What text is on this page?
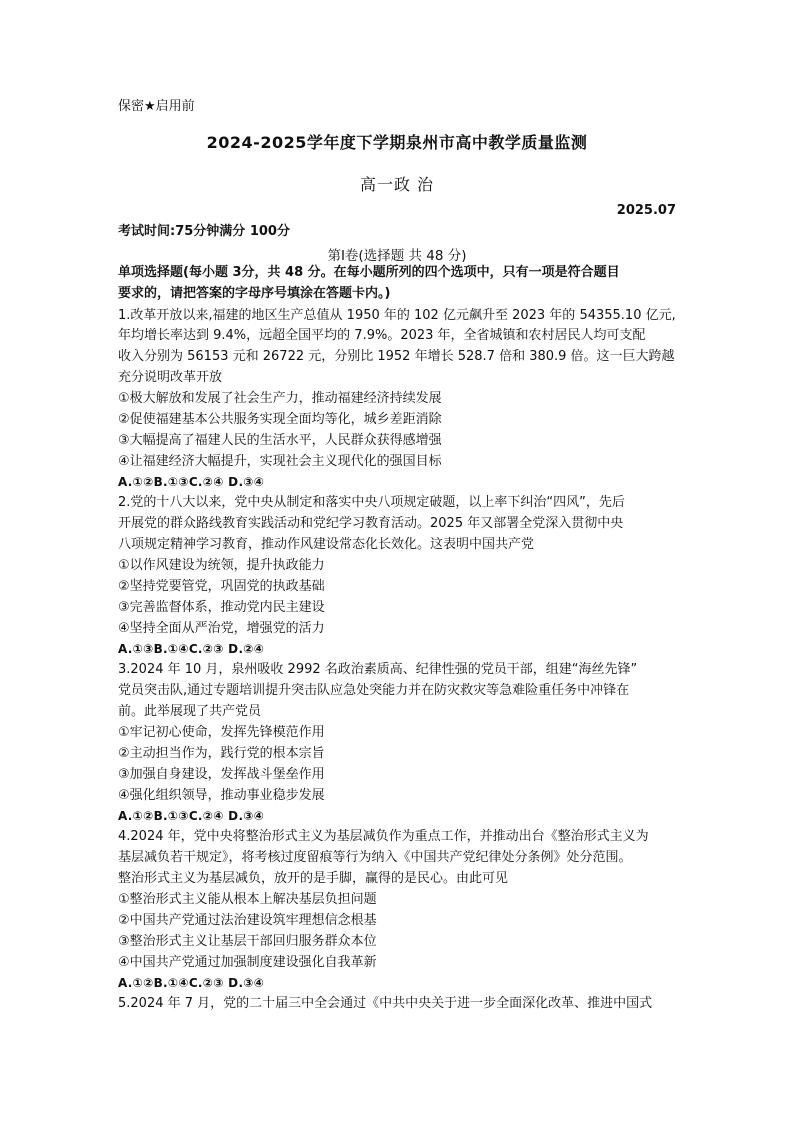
保密★启用前
2024-2025学年度下学期泉州市高中教学质量监测
高一政 治
2025.07
考试时间:75分钟满分 100分
第Ⅰ卷(选择题 共 48 分)
单项选择题(每小题 3分，共 48 分。在每小题所列的四个选项中，只有一项是符合题目
要求的，请把答案的字母序号填涂在答题卡内。)
1.改革开放以来,福建的地区生产总值从 1950 年的 102 亿元飙升至 2023 年的 54355.10 亿元,
年均增长率达到 9.4%，远超全国平均的 7.9%。2023 年，全省城镇和农村居民人均可支配
收入分别为 56153 元和 26722 元，分别比 1952 年增长 528.7 倍和 380.9 倍。这一巨大跨越
充分说明改革开放
①极大解放和发展了社会生产力，推动福建经济持续发展
②促使福建基本公共服务实现全面均等化，城乡差距消除
③大幅提高了福建人民的生活水平，人民群众获得感增强
④让福建经济大幅提升，实现社会主义现代化的强国目标
A.①②B.①③C.②④ D.③④
2.党的十八大以来，党中央从制定和落实中央八项规定破题，以上率下纠治“四风”，先后
开展党的群众路线教育实践活动和党纪学习教育活动。2025 年又部署全党深入贯彻中央
八项规定精神学习教育，推动作风建设常态化长效化。这表明中国共产党
①以作风建设为统领，提升执政能力
②坚持党要管党，巩固党的执政基础
③完善监督体系，推动党内民主建设
④坚持全面从严治党，增强党的活力
A.①③B.①④C.②③ D.②④
3.2024 年 10 月，泉州吸收 2992 名政治素质高、纪律性强的党员干部，组建“海丝先锋”
党员突击队,通过专题培训提升突击队应急处突能力并在防灾救灾等急难险重任务中冲锋在
前。此举展现了共产党员
①牢记初心使命，发挥先锋模范作用
②主动担当作为，践行党的根本宗旨
③加强自身建设，发挥战斗堡垒作用
④强化组织领导，推动事业稳步发展
A.①②B.①③C.②④ D.③④
4.2024 年，党中央将整治形式主义为基层减负作为重点工作，并推动出台《整治形式主义为
基层减负若干规定》，将考核过度留痕等行为纳入《中国共产党纪律处分条例》处分范围。
整治形式主义为基层减负，放开的是手脚，赢得的是民心。由此可见
①整治形式主义能从根本上解决基层负担问题
②中国共产党通过法治建设筑牢理想信念根基
③整治形式主义让基层干部回归服务群众本位
④中国共产党通过加强制度建设强化自我革新
A.①②B.①④C.②③ D.③④
5.2024 年 7 月，党的二十届三中全会通过《中共中央关于进一步全面深化改革、推进中国式
